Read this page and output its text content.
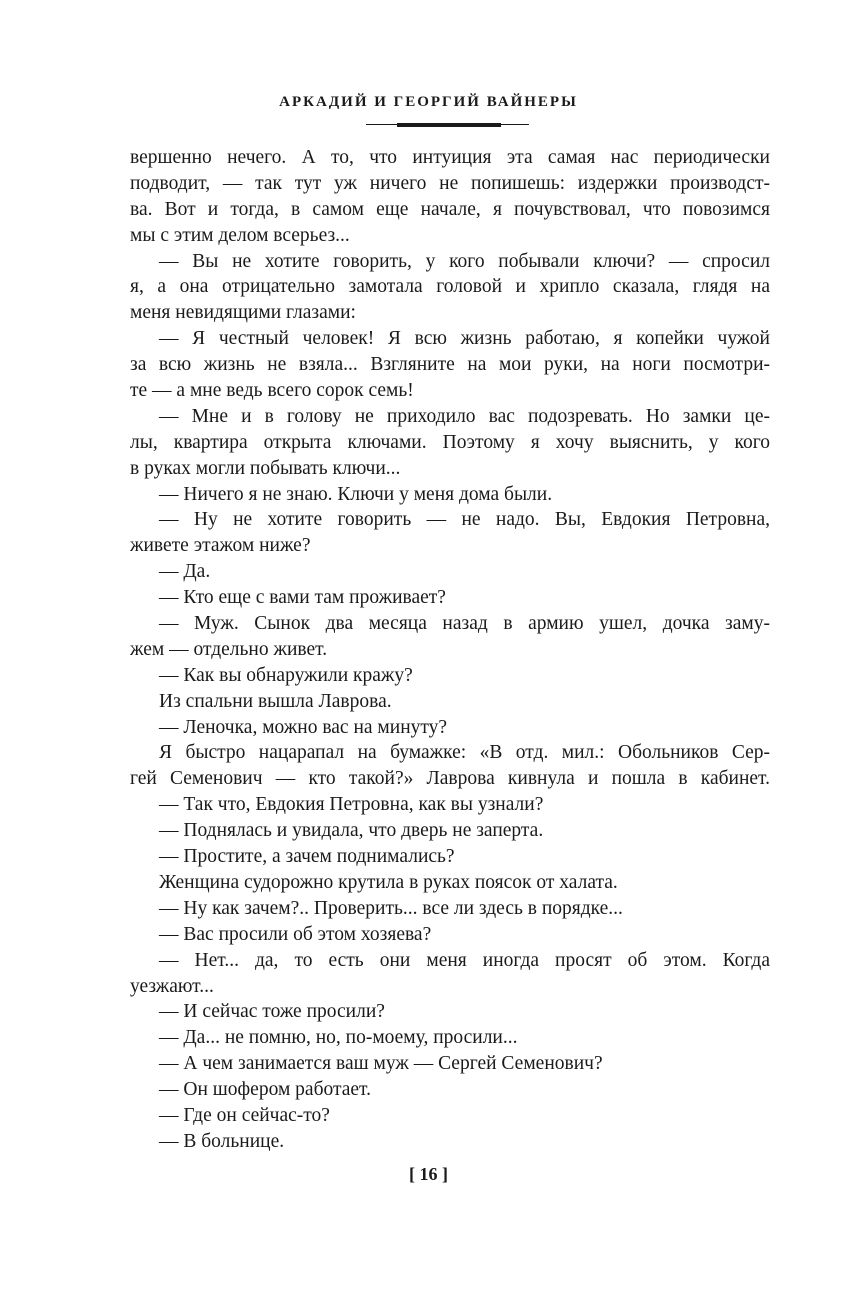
АРКАДИЙ И ГЕОРГИЙ ВАЙНЕРЫ
вершенно нечего. А то, что интуиция эта самая нас периодически
подводит, — так тут уж ничего не попишешь: издержки производст-
ва. Вот и тогда, в самом еще начале, я почувствовал, что повозимся
мы с этим делом всерьез...
— Вы не хотите говорить, у кого побывали ключи? — спросил
я, а она отрицательно замотала головой и хрипло сказала, глядя на
меня невидящими глазами:
— Я честный человек! Я всю жизнь работаю, я копейки чужой
за всю жизнь не взяла... Взгляните на мои руки, на ноги посмотри-
те — а мне ведь всего сорок семь!
— Мне и в голову не приходило вас подозревать. Но замки це-
лы, квартира открыта ключами. Поэтому я хочу выяснить, у кого
в руках могли побывать ключи...
— Ничего я не знаю. Ключи у меня дома были.
— Ну не хотите говорить — не надо. Вы, Евдокия Петровна,
живете этажом ниже?
— Да.
— Кто еще с вами там проживает?
— Муж. Сынок два месяца назад в армию ушел, дочка заму-
жем — отдельно живет.
— Как вы обнаружили кражу?
Из спальни вышла Лаврова.
— Леночка, можно вас на минуту?
Я быстро нацарапал на бумажке: «В отд. мил.: Обольников Сер-
гей Семенович — кто такой?» Лаврова кивнула и пошла в кабинет.
— Так что, Евдокия Петровна, как вы узнали?
— Поднялась и увидала, что дверь не заперта.
— Простите, а зачем поднимались?
Женщина судорожно крутила в руках поясок от халата.
— Ну как зачем?.. Проверить... все ли здесь в порядке...
— Вас просили об этом хозяева?
— Нет... да, то есть они меня иногда просят об этом. Когда
уезжают...
— И сейчас тоже просили?
— Да... не помню, но, по-моему, просили...
— А чем занимается ваш муж — Сергей Семенович?
— Он шофером работает.
— Где он сейчас-то?
— В больнице.
[ 16 ]
